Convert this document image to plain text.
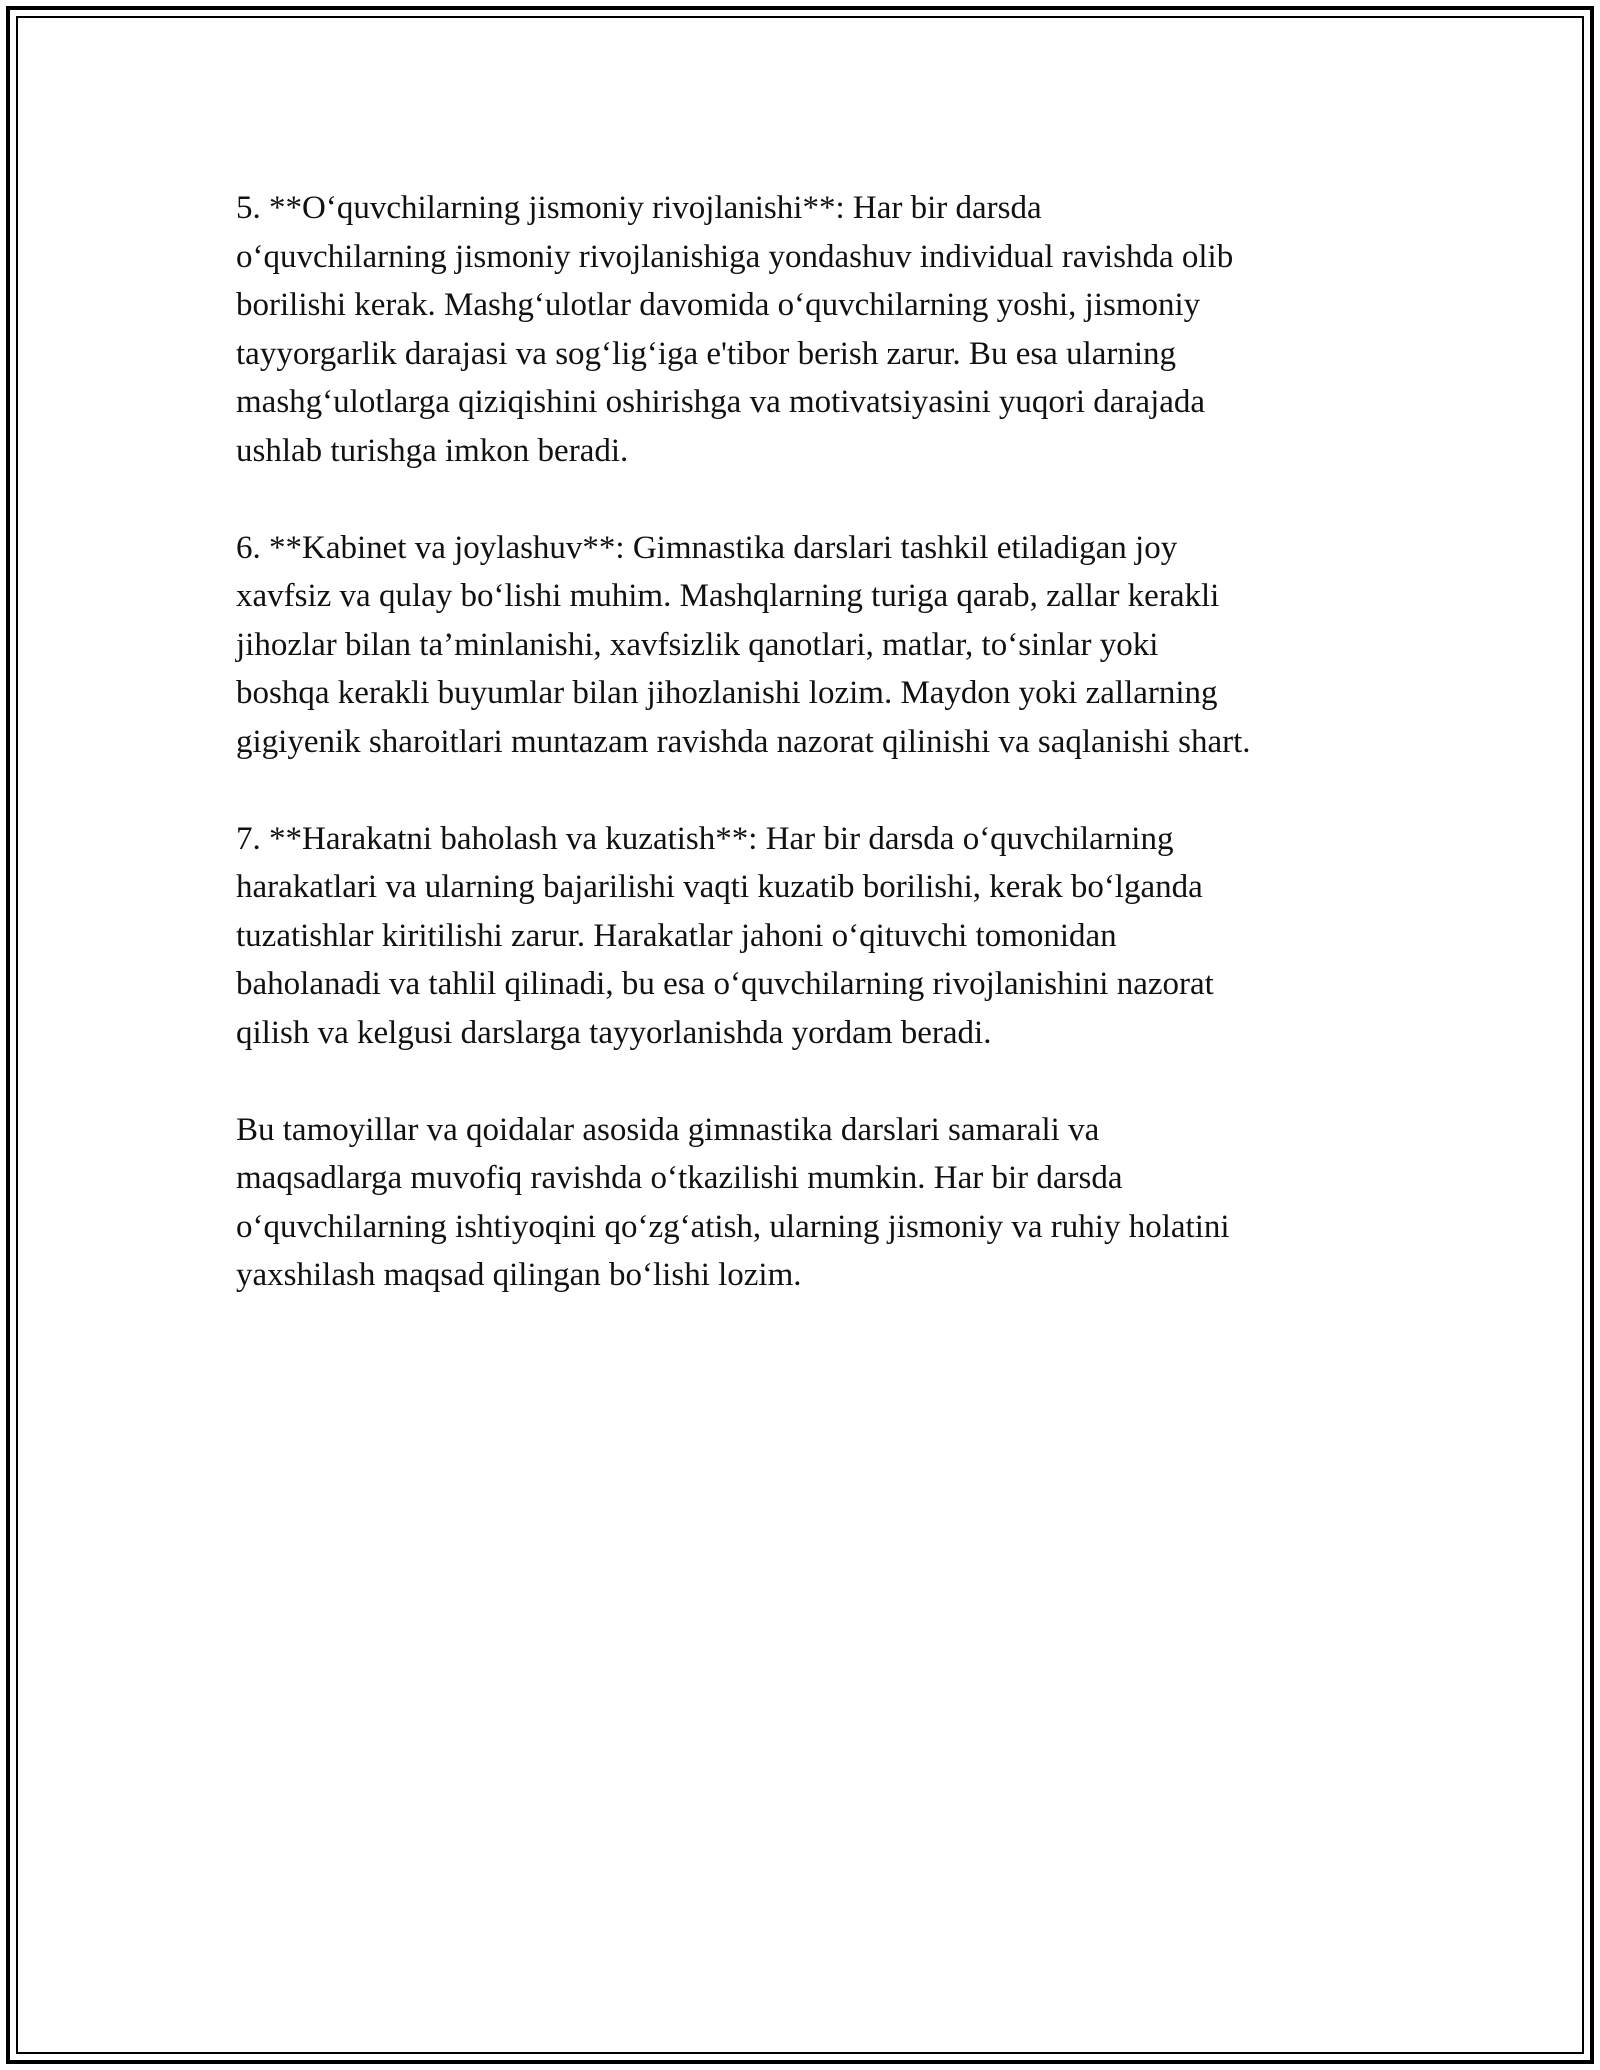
5. **O‘quvchilarning jismoniy rivojlanishi**: Har bir darsda
o‘quvchilarning jismoniy rivojlanishiga yondashuv individual ravishda olib
borilishi kerak. Mashg‘ulotlar davomida o‘quvchilarning yoshi, jismoniy
tayyorgarlik darajasi va sog‘lig‘iga e'tibor berish zarur. Bu esa ularning
mashg‘ulotlarga qiziqishini oshirishga va motivatsiyasini yuqori darajada
ushlab turishga imkon beradi.

6. **Kabinet va joylashuv**: Gimnastika darslari tashkil etiladigan joy
xavfsiz va qulay bo‘lishi muhim. Mashqlarning turiga qarab, zallar kerakli
jihozlar bilan ta’minlanishi, xavfsizlik qanotlari, matlar, to‘sinlar yoki
boshqa kerakli buyumlar bilan jihozlanishi lozim. Maydon yoki zallarning
gigiyenik sharoitlari muntazam ravishda nazorat qilinishi va saqlanishi shart.

7. **Harakatni baholash va kuzatish**: Har bir darsda o‘quvchilarning
harakatlari va ularning bajarilishi vaqti kuzatib borilishi, kerak bo‘lganda
tuzatishlar kiritilishi zarur. Harakatlar jahoni o‘qituvchi tomonidan
baholanadi va tahlil qilinadi, bu esa o‘quvchilarning rivojlanishini nazorat
qilish va kelgusi darslarga tayyorlanishda yordam beradi.

Bu tamoyillar va qoidalar asosida gimnastika darslari samarali va
maqsadlarga muvofiq ravishda o‘tkazilishi mumkin. Har bir darsda
o‘quvchilarning ishtiyoqini qo‘zg‘atish, ularning jismoniy va ruhiy holatini
yaxshilash maqsad qilingan bo‘lishi lozim.
